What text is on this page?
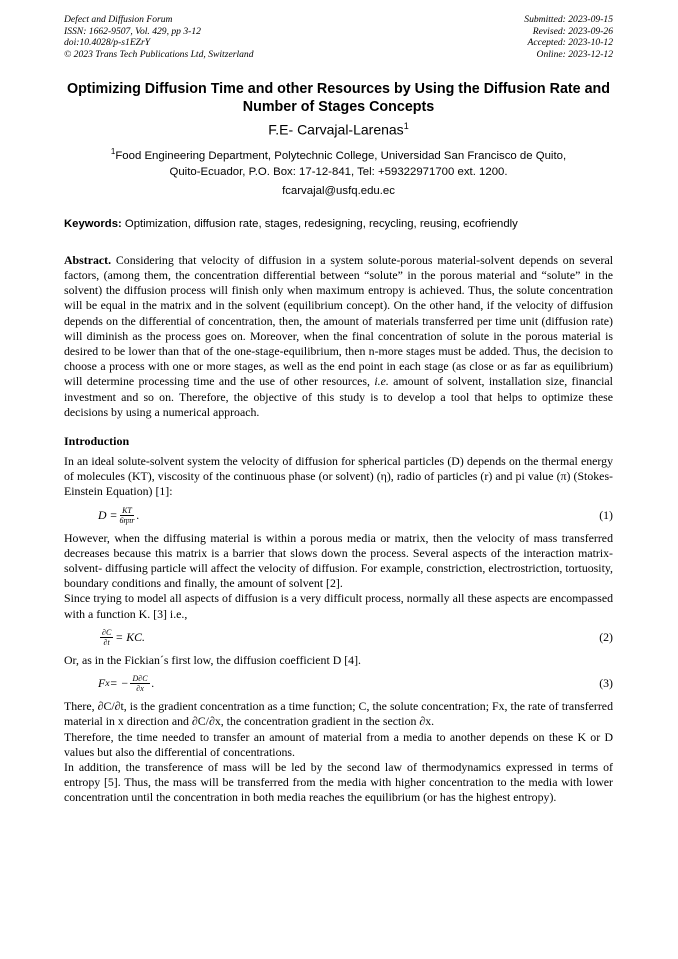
Defect and Diffusion Forum
ISSN: 1662-9507, Vol. 429, pp 3-12
doi:10.4028/p-s1EZrY
© 2023 Trans Tech Publications Ltd, Switzerland
Submitted: 2023-09-15
Revised: 2023-09-26
Accepted: 2023-10-12
Online: 2023-12-12
Optimizing Diffusion Time and other Resources by Using the Diffusion Rate and Number of Stages Concepts
F.E- Carvajal-Larenas$^1$
$^1$Food Engineering Department, Polytechnic College, Universidad San Francisco de Quito,
Quito-Ecuador, P.O. Box: 17-12-841, Tel: +59322971700 ext. 1200.
fcarvajal@usfq.edu.ec
Keywords: Optimization, diffusion rate, stages, redesigning, recycling, reusing, ecofriendly
Abstract. Considering that velocity of diffusion in a system solute-porous material-solvent depends on several factors, (among them, the concentration differential between “solute” in the porous material and “solute” in the solvent) the diffusion process will finish only when maximum entropy is achieved. Thus, the solute concentration will be equal in the matrix and in the solvent (equilibrium concept). On the other hand, if the velocity of diffusion depends on the differential of concentration, then, the amount of materials transferred per time unit (diffusion rate) will diminish as the process goes on. Moreover, when the final concentration of solute in the porous material is desired to be lower than that of the one-stage-equilibrium, then n-more stages must be added. Thus, the decision to choose a process with one or more stages, as well as the end point in each stage (as close or as far as equilibrium) will determine processing time and the use of other resources, i.e. amount of solvent, installation size, financial investment and so on. Therefore, the objective of this study is to develop a tool that helps to optimize these decisions by using a numerical approach.
Introduction
In an ideal solute-solvent system the velocity of diffusion for spherical particles (D) depends on the thermal energy of molecules (KT), viscosity of the continuous phase (or solvent) (η), radio of particles (r) and pi value (π) (Stokes-Einstein Equation) [1]:
$D = \frac{KT}{\text{6ηπr}}$ .	(1)
However, when the diffusing material is within a porous media or matrix, then the velocity of mass transferred decreases because this matrix is a barrier that slows down the process. Several aspects of the interaction matrix-solvent- diffusing particle will affect the velocity of diffusion. For example, constriction, electrostriction, tortuosity, boundary conditions and finally, the amount of solvent [2].
Since trying to model all aspects of diffusion is a very difficult process, normally all these aspects are encompassed with a function K. [3] i.e.,
$\frac{\partial C}{\partial t}$ = KC.	(2)
Or, as in the Fickian´s first low, the diffusion coefficient D [4].
F x = − $\frac{D\partial C}{\partial x}$ .	(3)
There, ∂C/∂t, is the gradient concentration as a time function; C, the solute concentration; Fx, the rate of transferred material in x direction and ∂C/∂x, the concentration gradient in the section ∂x.
Therefore, the time needed to transfer an amount of material from a media to another depends on these K or D values but also the differential of concentrations.
In addition, the transference of mass will be led by the second law of thermodynamics expressed in terms of entropy [5]. Thus, the mass will be transferred from the media with higher concentration to the media with lower concentration until the concentration in both media reaches the equilibrium (or has the highest entropy).
